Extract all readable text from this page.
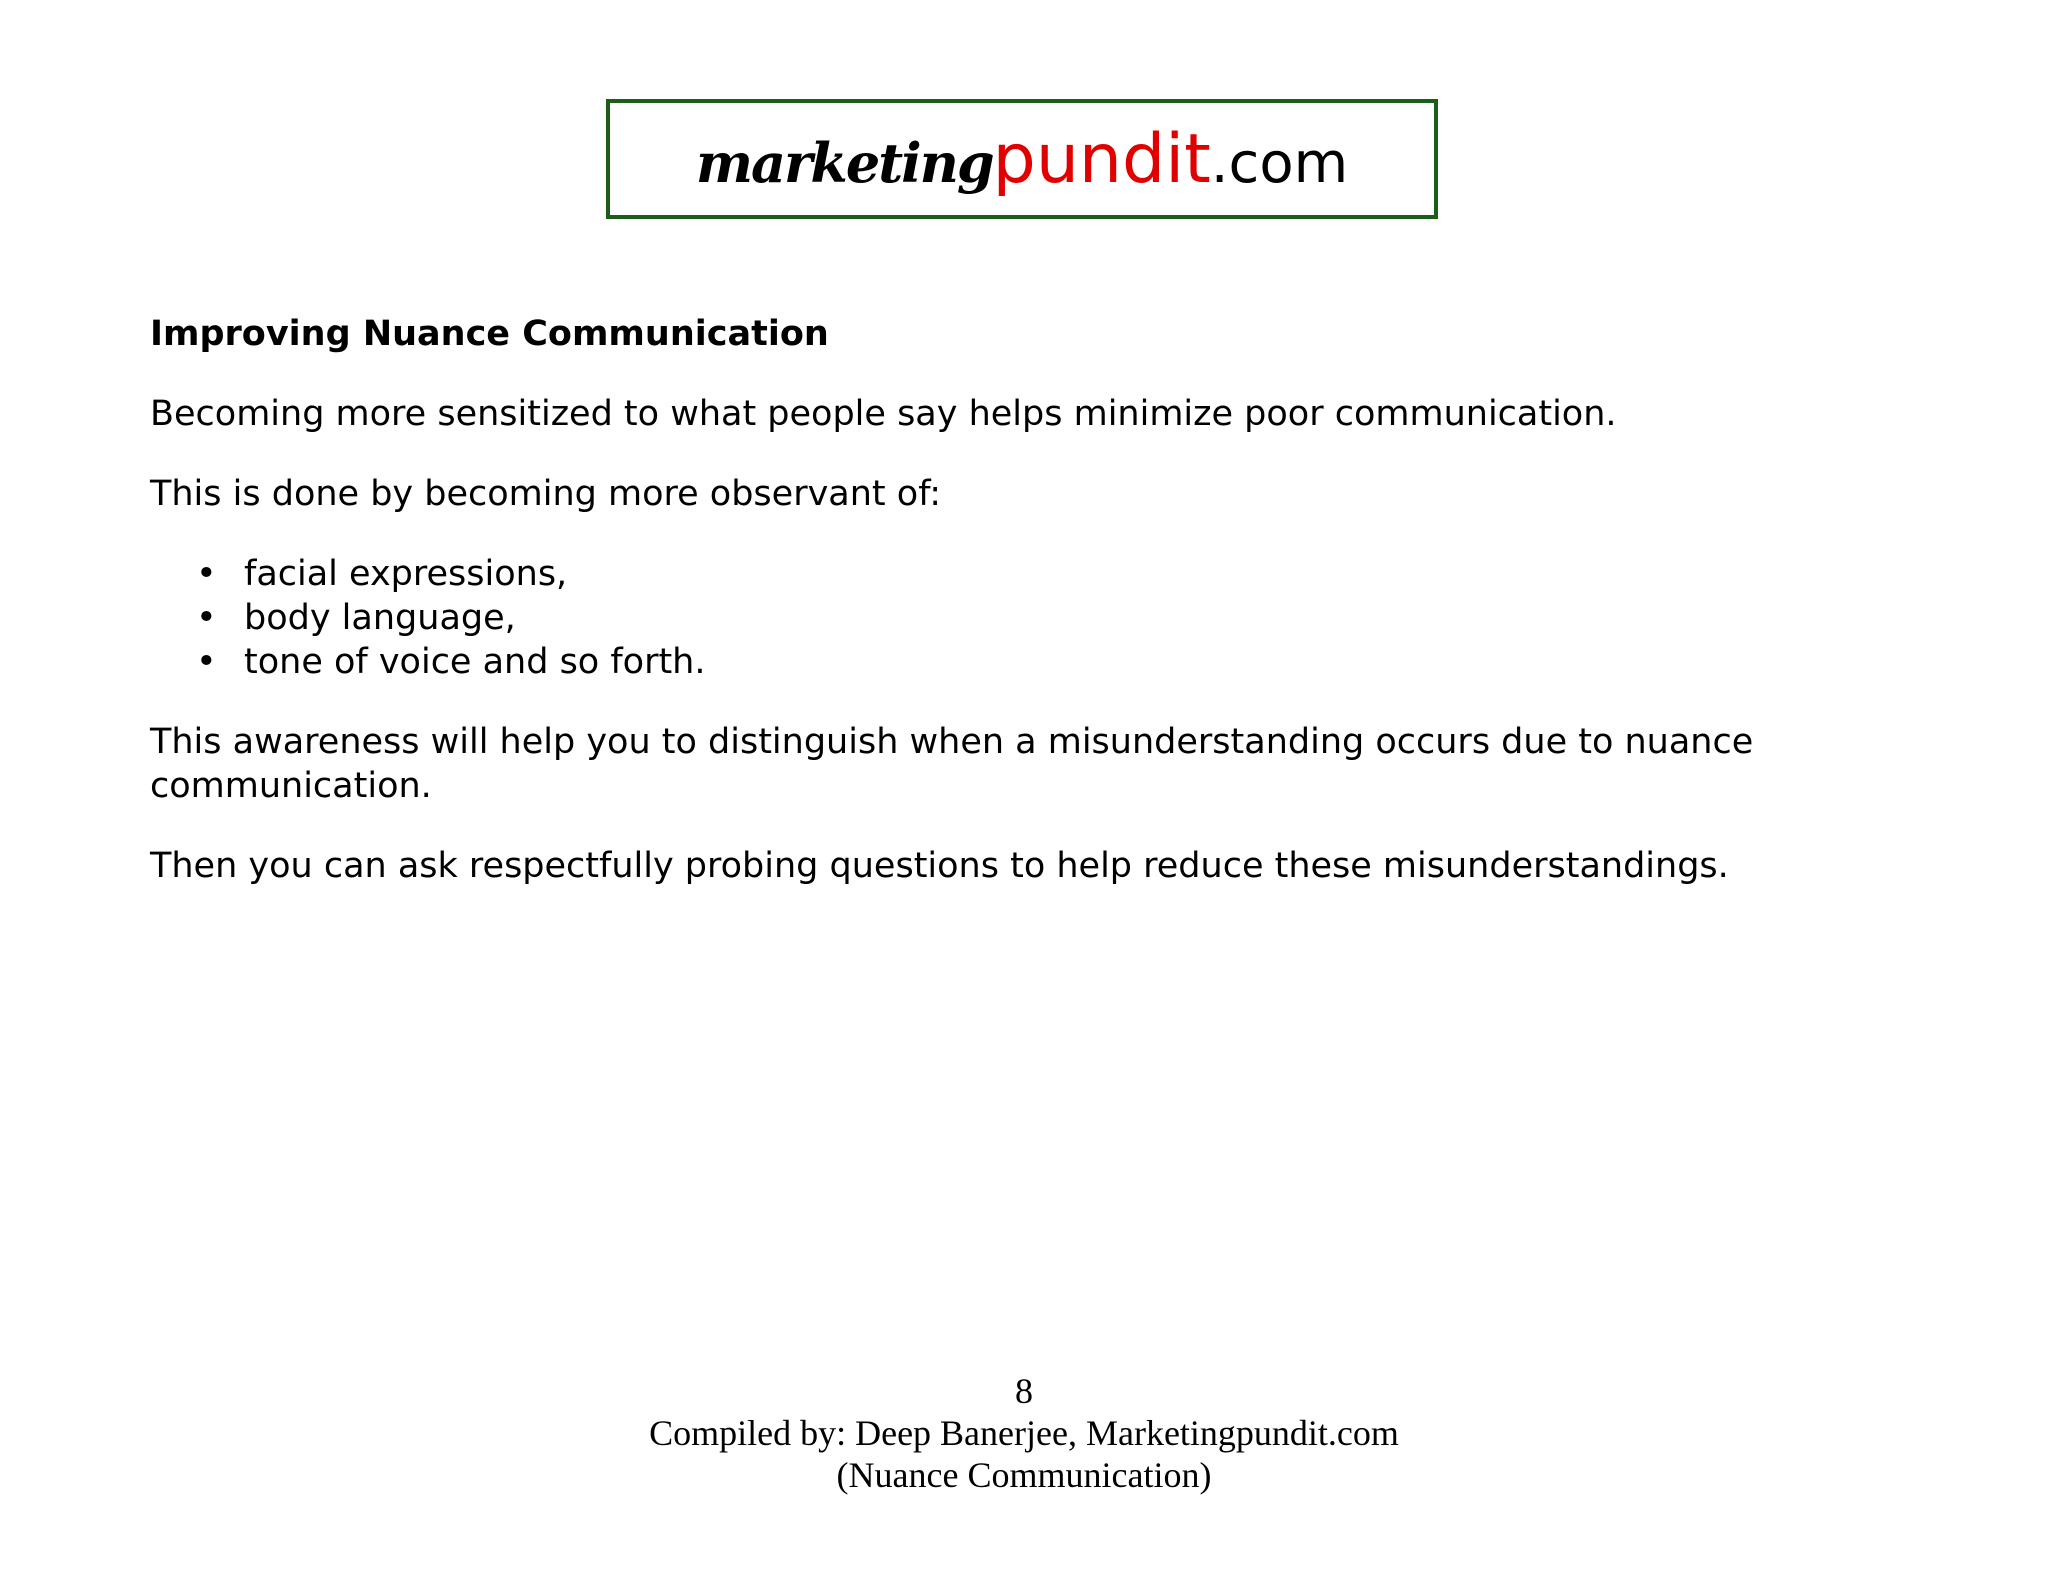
marketing pundit .com
Improving Nuance Communication

Becoming more sensitized to what people say helps minimize poor communication.

This is done by becoming more observant of:

• facial expressions,
• body language,
• tone of voice and so forth.

This awareness will help you to distinguish when a misunderstanding occurs due to nuance communication.

Then you can ask respectfully probing questions to help reduce these misunderstandings.

8
Compiled by: Deep Banerjee, Marketingpundit.com
(Nuance Communication)
